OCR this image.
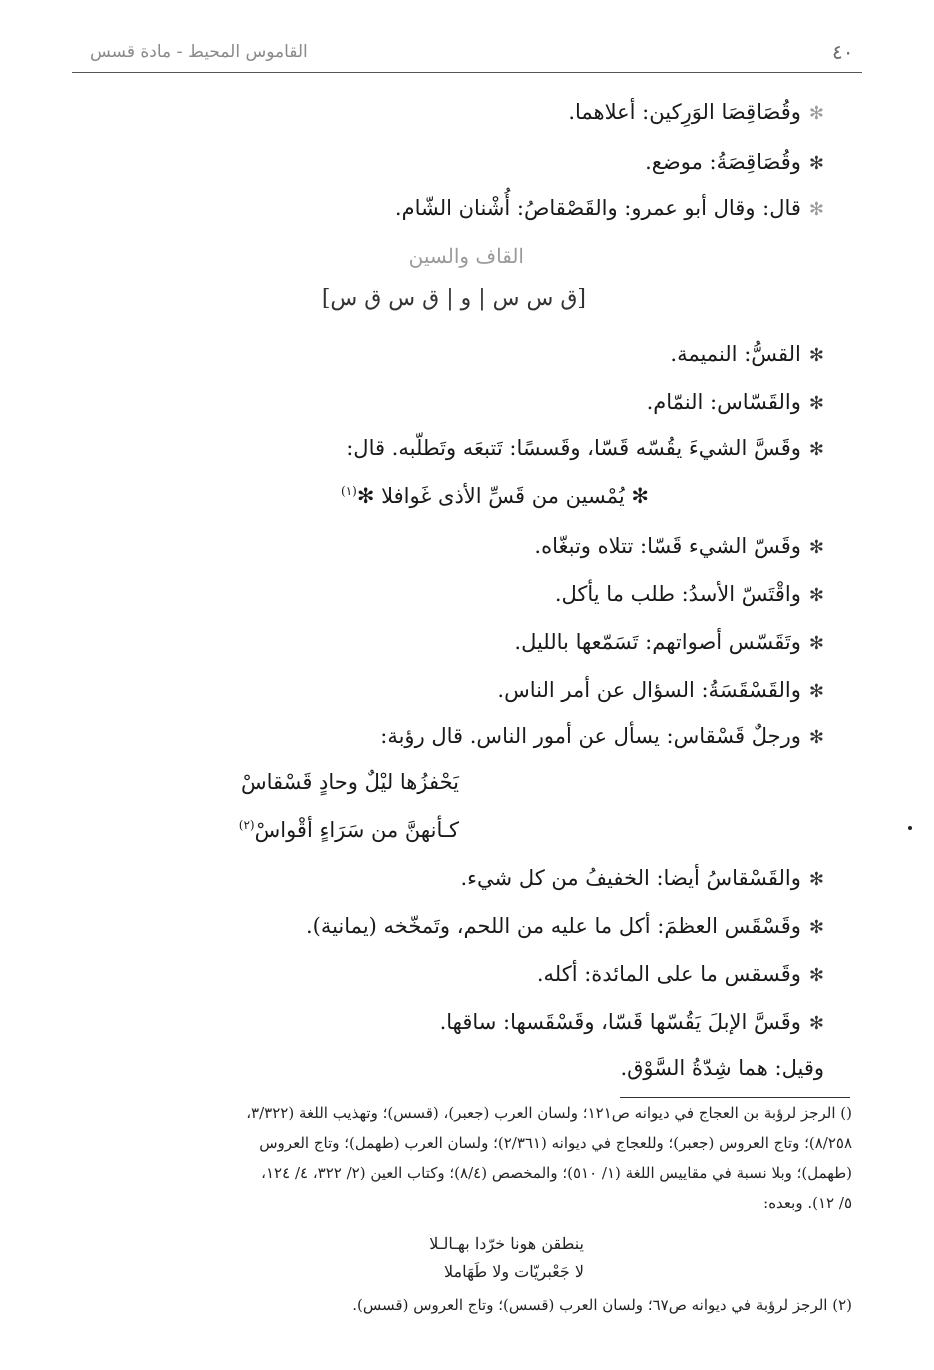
القاموس المحيط - مادة قسس	٤٠
✻وقُصَاقِصَا الوَرِكين: أعلاهما.
✻وقُصَاقِصَةُ: موضع.
✻قال: وقال أبو عمرو: والقَصْقاصُ: أُشْنان الشّام.
القاف والسين
[ق س س | و | ق س ق س]
✻القسُّ: النميمة.
✻والقَسّاس: النمّام.
✻وقَسَّ الشيءَ يقُسّه قَسّا، وقَسسًا: تَتبعَه وتَطلّبه. قال:
✻ يُمْسين من قَسِّ الأذى غَوافلا ✻$^{(١)}$
✻وقَسّ الشيء قَسّا: تتلاه وتبغّاه.
✻واقْتَسّ الأسدُ: طلب ما يأكل.
✻وتَقَسّس أصواتهم: تَسَمّعها بالليل.
✻والقَسْقَسَةُ: السؤال عن أمر الناس.
✻ورجلٌ قَسْقاس: يسأل عن أمور الناس. قال رؤبة:
يَحْفزُها ليْلٌ وحادٍ قَسْقاسْ
كـأنهنَّ من سَرَاءٍ أقْواسْ$^{(٢)}$
✻والقَسْقاسُ أيضا: الخفيفُ من كل شيء.
✻وقَسْقَس العظمَ: أكل ما عليه من اللحم، وتَمخّخه (يمانية).
✻وقَسقس ما على المائدة: أكله.
✻وقَسَّ الإبلَ يَقُسّها قَسّا، وقَسْقَسها: ساقها.
وقيل: هما شِدّةُ السَّوْق.
() الرجز لرؤبة بن العجاج في ديوانه ص١٢١؛ ولسان العرب (جعبر)، (قسس)؛ وتهذيب اللغة (٣/٣٢٢،
٨/٢٥٨)؛ وتاج العروس (جعبر)؛ وللعجاج في ديوانه (٢/٣٦١)؛ ولسان العرب (طهمل)؛ وتاج العروس
(طهمل)؛ وبلا نسبة في مقاييس اللغة (١/ ٥١٠)؛ والمخصص (٨/٤)؛ وكتاب العين (٢/ ٣٢٢، ٤/ ١٢٤،
٥/ ١٢). وبعده:
ينطقن هونا خرّدا بهـالـلا
لا جَعْبريّات ولا طَهَاملا
(٢) الرجز لرؤبة في ديوانه ص٦٧؛ ولسان العرب (قسس)؛ وتاج العروس (قسس).
